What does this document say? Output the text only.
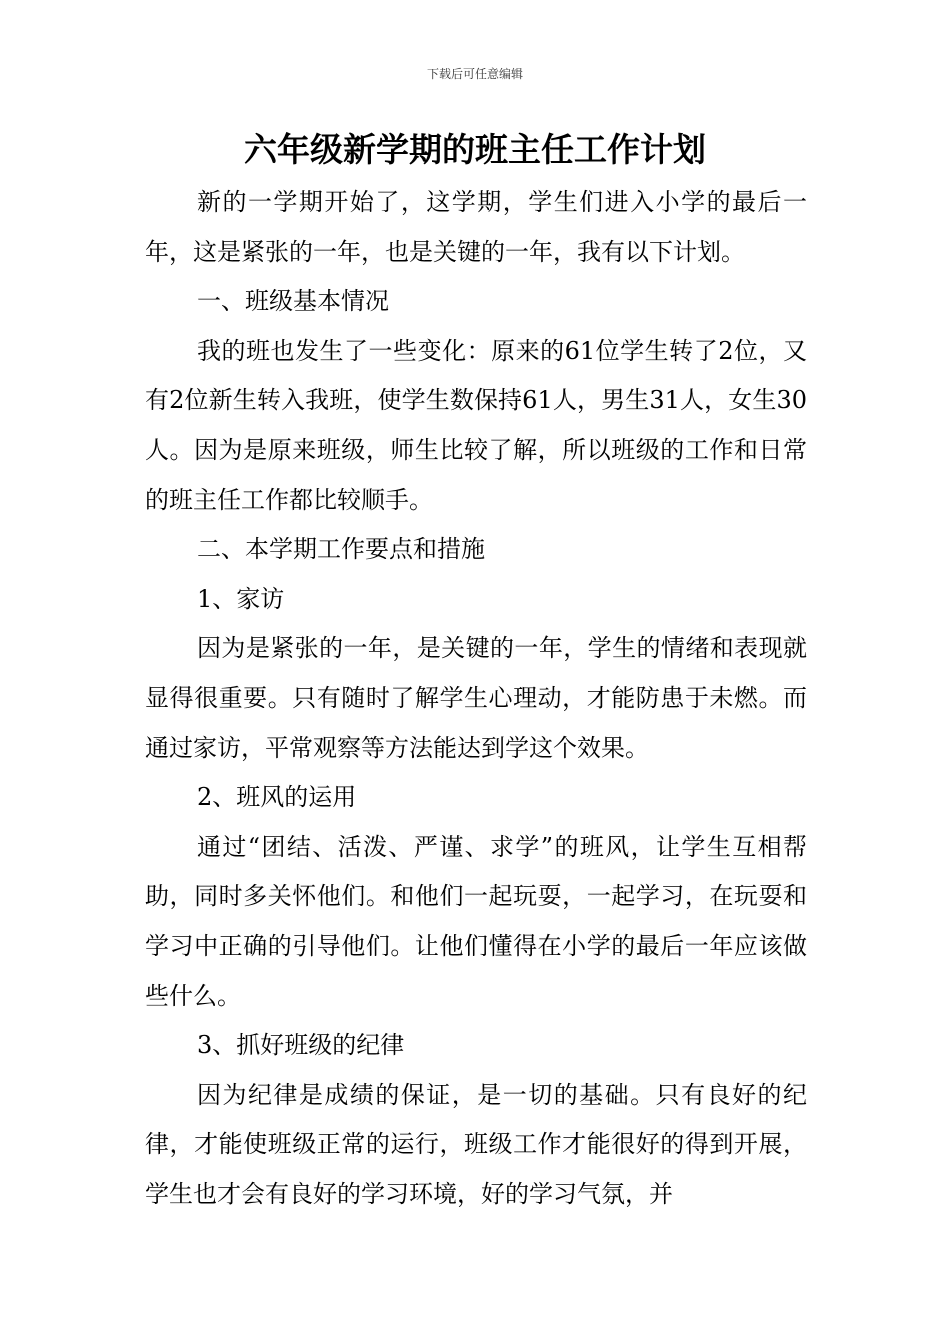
下载后可任意编辑
六年级新学期的班主任工作计划

新的一学期开始了，这学期，学生们进入小学的最后一年，这是紧张的一年，也是关键的一年，我有以下计划。

一、班级基本情况

我的班也发生了一些变化：原来的61位学生转了2位，又有2位新生转入我班，使学生数保持61人，男生31人，女生30人。因为是原来班级，师生比较了解，所以班级的工作和日常的班主任工作都比较顺手。

二、本学期工作要点和措施

1、家访

因为是紧张的一年，是关键的一年，学生的情绪和表现就显得很重要。只有随时了解学生心理动，才能防患于未燃。而通过家访，平常观察等方法能达到学这个效果。

2、班风的运用

通过“团结、活泼、严谨、求学”的班风，让学生互相帮助，同时多关怀他们。和他们一起玩耍，一起学习，在玩耍和学习中正确的引导他们。让他们懂得在小学的最后一年应该做些什么。

3、抓好班级的纪律

因为纪律是成绩的保证，是一切的基础。只有良好的纪律，才能使班级正常的运行，班级工作才能很好的得到开展，学生也才会有良好的学习环境，好的学习气氛，并
